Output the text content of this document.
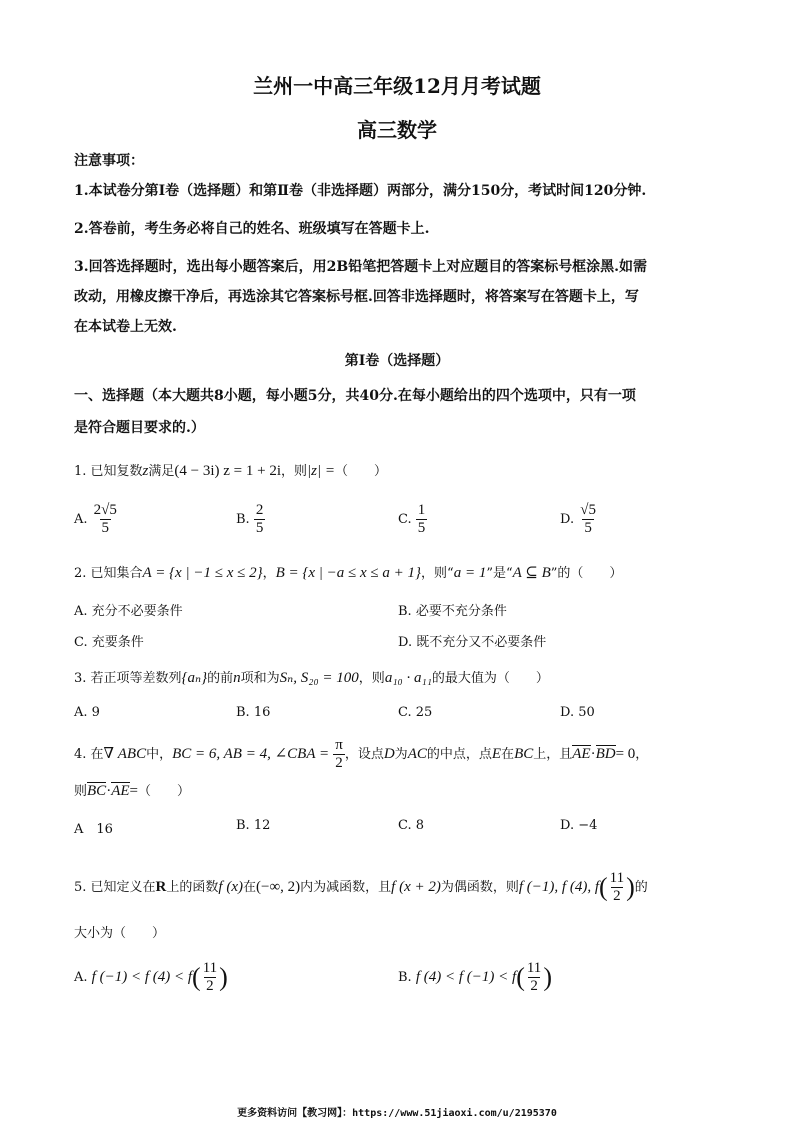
兰州一中高三年级12月月考试题
高三数学
注意事项：
1.本试卷分第Ⅰ卷（选择题）和第Ⅱ卷（非选择题）两部分，满分150分，考试时间120分钟.
2.答卷前，考生务必将自己的姓名、班级填写在答题卡上.
3.回答选择题时，选出每小题答案后，用2B铅笔把答题卡上对应题目的答案标号框涂黑.如需
改动，用橡皮擦干净后，再选涂其它答案标号框.回答非选择题时，将答案写在答题卡上，写
在本试卷上无效.
第Ⅰ卷（选择题）
一、选择题（本大题共8小题，每小题5分，共40分.在每小题给出的四个选项中，只有一项
是符合题目要求的.）
1. 已知复数z满足(4 − 3i) z = 1 + 2i，则|z| =（　　）
A. $\frac{2√5}{5}$	B. $\frac{2}{5}$	C. $\frac{1}{5}$	D. $\frac{√5}{5}$
2. 已知集合A = {x | −1 ≤ x ≤ 2}，B = {x | −a ≤ x ≤ a + 1}，则“a = 1”是“A ⊆ B”的（　　）
A. 充分不必要条件	B. 必要不充分条件
C. 充要条件	D. 既不充分又不必要条件
3. 若正项等差数列{aₙ}的前n项和为Sₙ, S₂₀ = 100，则a₁₀ · a₁₁的最大值为（　　）
A. 9	B. 16	C. 25	D. 50
4. 在∇ ABC中，BC = 6, AB = 4, ∠CBA = $\frac{\pi}{2}$ ，设点D为AC的中点，点E在BC上，且AE·BD= 0，
则BC·AE=（　　）
A　16	B. 12	C. 8	D. −4
5. 已知定义在R上的函数f (x)在(−∞, 2)内为减函数，且f (x + 2)为偶函数，则f (−1), f (4), $f( \frac{11}{2}$ )的
大小为（　　）
A. f (−1) < f $(4) < f( \frac{11}{2}$ )	B. f (4) < f $(-1) < f( \frac{11}{2}$ )
更多资料访问【教习网】：https://www.51jiaoxi.com/u/2195370
